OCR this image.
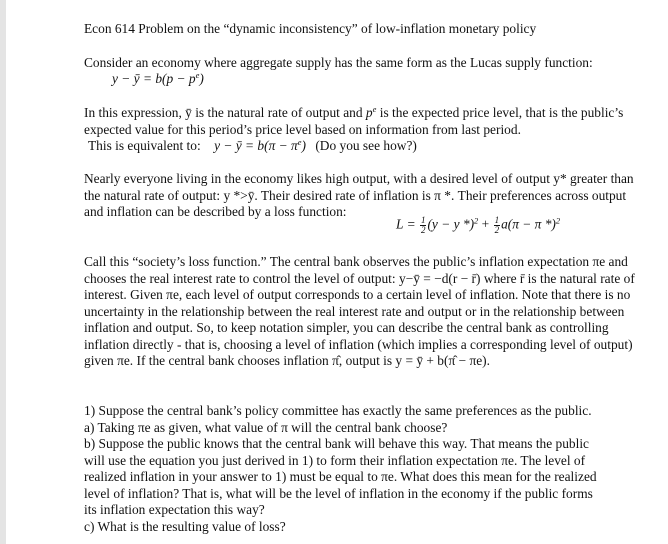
Econ 614 Problem on the “dynamic inconsistency” of low-inflation monetary policy

Consider an economy where aggregate supply has the same form as the Lucas supply function:

y − ȳ = $b(p - p^e)$

In this expression, ȳ is the natural rate of output and $p^e$ is the expected price level, that is the public’s expected value for this period’s price level based on information from last period.

This is equivalent to: y − ȳ = $b(\pi - \pi^e)$ (Do you see how?)

Nearly everyone living in the economy likes high output, with a desired level of output y* greater than the natural rate of output: y *>ȳ. Their desired rate of inflation is π *. Their preferences across output and inflation can be described by a loss function:

$L = \frac{1}{2} (y - y$ $*)^2 + \frac{1}{2} a(\pi - \pi$ *)$^2$

Call this “society’s loss function.” The central bank observes the public’s inflation expectation πe and chooses the real interest rate to control the level of output: y−ȳ = −d(r − r̄) where r̄ is the natural rate of interest. Given πe, each level of output corresponds to a certain level of inflation. Note that there is no uncertainty in the relationship between the real interest rate and output or in the relationship between inflation and output. So, to keep notation simpler, you can describe the central bank as controlling inflation directly - that is, choosing a level of inflation (which implies a corresponding level of output) given πe. If the central bank chooses inflation π̂, output is y = ȳ + b(π̂ − πe).

1) Suppose the central bank’s policy committee has exactly the same preferences as the public.
a) Taking πe as given, what value of π will the central bank choose?
b) Suppose the public knows that the central bank will behave this way. That means the public
will use the equation you just derived in 1) to form their inflation expectation πe. The level of
realized inflation in your answer to 1) must be equal to πe. What does this mean for the realized
level of inflation? That is, what will be the level of inflation in the economy if the public forms
its inflation expectation this way?
c) What is the resulting value of loss?
